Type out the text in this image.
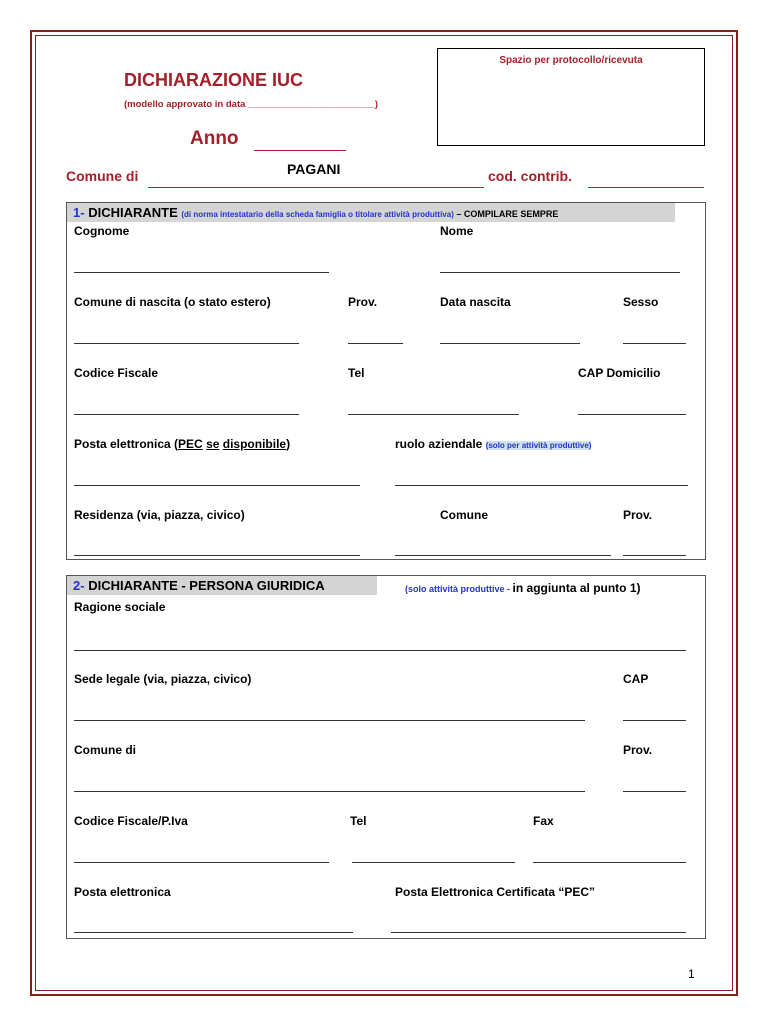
Spazio per protocollo/ricevuta
DICHIARAZIONE IUC
(modello approvato in data ________________________)
Anno
Comune di	PAGANI	cod. contrib.
1- DICHIARANTE (di norma intestatario della scheda famiglia o titolare attività produttiva) – COMPILARE SEMPRE
Cognome	Nome
Comune di nascita (o stato estero)	Prov.	Data nascita	Sesso
Codice Fiscale	Tel	CAP Domicilio
Posta elettronica (PEC se disponibile)	ruolo aziendale (solo per attività produttive)
Residenza (via, piazza, civico)	Comune	Prov.
2- DICHIARANTE - PERSONA GIURIDICA	(solo attività produttive - in aggiunta al punto 1)
Ragione sociale
Sede legale (via, piazza, civico)	CAP
Comune di	Prov.
Codice Fiscale/P.Iva	Tel	Fax
Posta elettronica	Posta Elettronica Certificata “PEC”
1
